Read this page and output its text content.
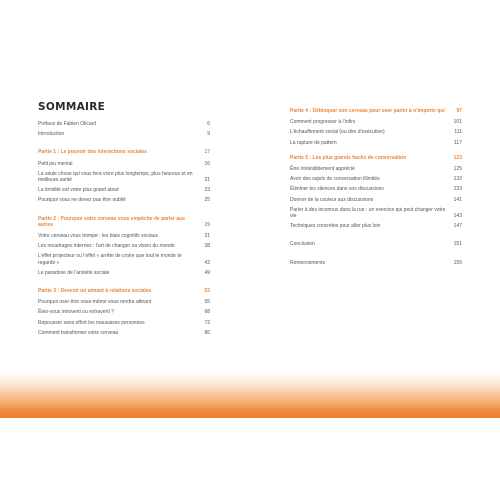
SOMMAIRE
Préface de Fabien Olicard	6
Introduction	9
Partie 1 : Le pouvoir des interactions sociales	17
Petit jeu mental	16
La seule chose qui vous fera vivre plus longtemps, plus heureux et en meilleure santé	21
La timidité est votre plus grand atout	23
Pourquoi vous ne devez pas être oublié	25
Partie 2 : Pourquoi votre cerveau vous empêche de parler aux autres	29
Votre cerveau vous trompe : les biais cognitifs sociaux	31
Les recadrages internes : l’art de changer sa vision du monde	38
L’effet projecteur ou l’effet « arrête de croire que tout le monde te regarde »	42
Le paradoxe de l’anxiété sociale	49
Partie 3 : Devenir un aimant à relations sociales	53
Pourquoi oser être vous-même vous rendra attirant	55
Êtes-vous introverti ou extraverti ?	68
Repousser sans effort les mauvaises personnes	72
Comment transformer votre cerveau	86
Partie 4 : Débloquer son cerveau pour oser parler à n’importe qui	97
Comment progresser à l’infini	101
L’échauffement social (ou dire d’exécution)	111
La rupture de pattern	117
Partie 5 : Les plus grands hacks de conversation	123
Être irrésistiblement apprécié	125
Avoir des sujets de conversation illimités	132
Éliminer les silences dans vos discussions	133
Donner de la couleur aux discussions	141
Parler à des inconnus dans la rue : un exercice qui peut changer votre vie	143
Techniques concrètes pour aller plus loin	147
Conclusion	151
Remerciements	155
